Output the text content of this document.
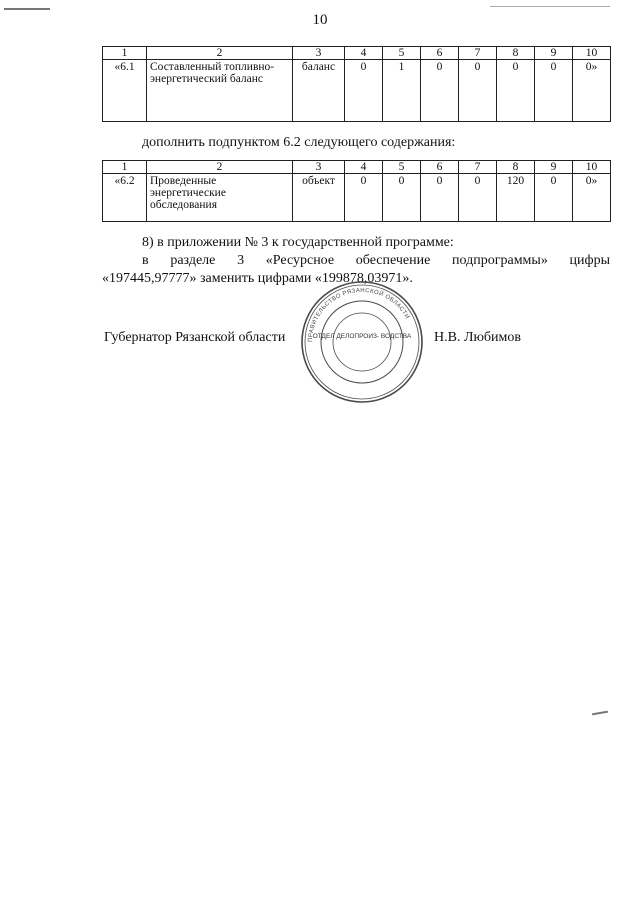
10
1	2	3	4	5	6	7	8	9	10
«6.1	Составленный топливно-энергетический баланс	баланс	0	1	0	0	0	0	0»
дополнить подпунктом 6.2 следующего содержания:
1	2	3	4	5	6	7	8	9	10
«6.2	Проведенные энергетические обследования	объект	0	0	0	0	120	0	0»
8) в приложении № 3 к государственной программе:
в разделе 3 «Ресурсное обеспечение подпрограммы» цифры
«197445,97777» заменить цифрами «199878,03971».
Губернатор Рязанской области	Н.В. Любимов
ПРАВИТЕЛЬСТВО РЯЗАНСКОЙ ОБЛАСТИ
ОТДЕЛ ДЕЛОПРОИЗ- ВОДСТВА
